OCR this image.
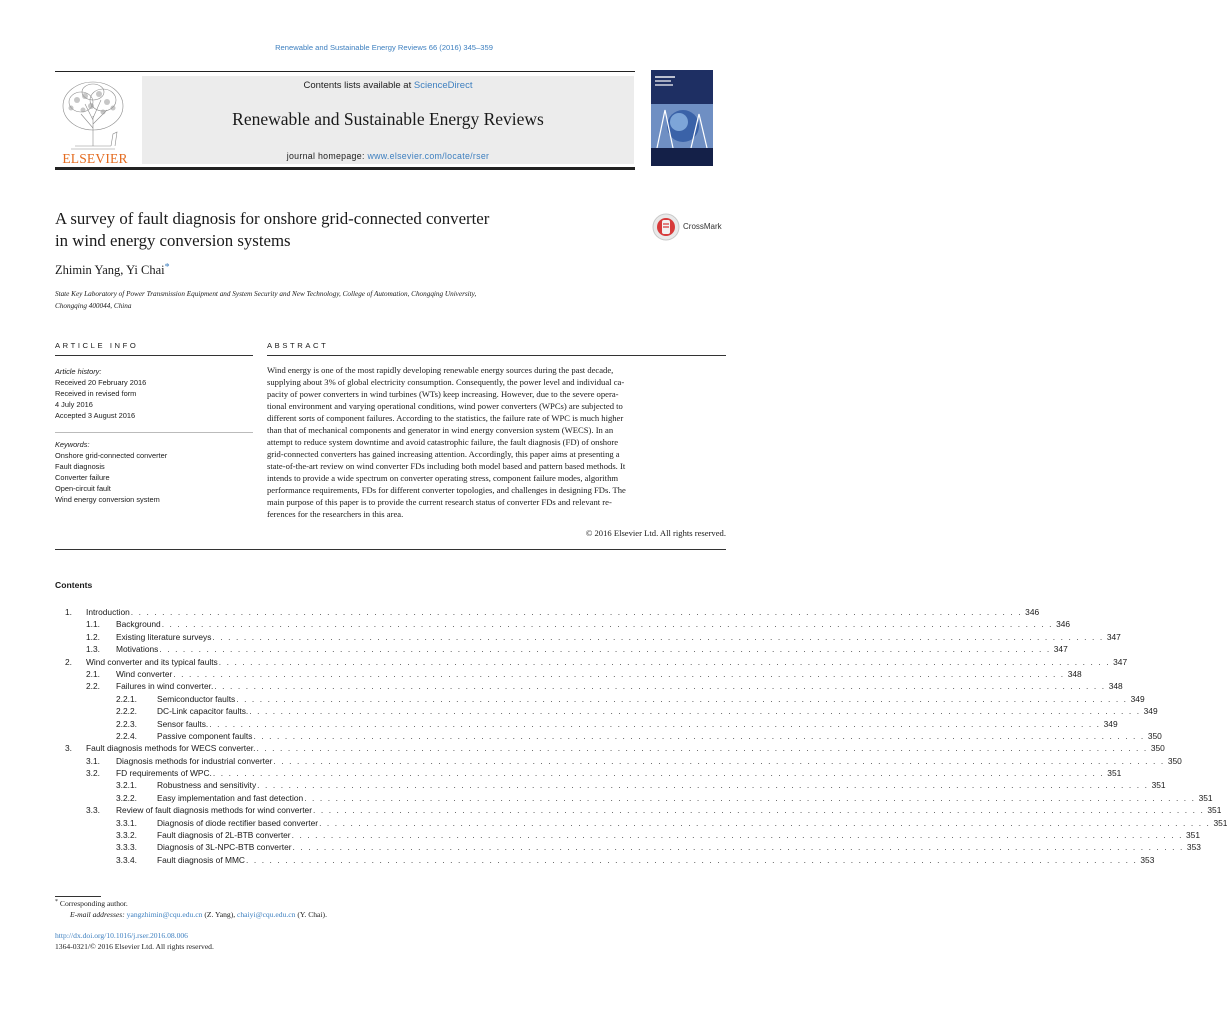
Renewable and Sustainable Energy Reviews 66 (2016) 345–359
ELSEVIER
Contents lists available at ScienceDirect
Renewable and Sustainable Energy Reviews
journal homepage: www.elsevier.com/locate/rser
A survey of fault diagnosis for onshore grid-connected converter
in wind energy conversion systems
CrossMark
Zhimin Yang, Yi Chai*
State Key Laboratory of Power Transmission Equipment and System Security and New Technology, College of Automation, Chongqing University,
Chongqing 400044, China
ARTICLE INFO	ABSTRACT
Article history:
Received 20 February 2016
Received in revised form
4 July 2016
Accepted 3 August 2016
Keywords:
Onshore grid-connected converter
Fault diagnosis
Converter failure
Open-circuit fault
Wind energy conversion system
Wind energy is one of the most rapidly developing renewable energy sources during the past decade,
supplying about 3% of global electricity consumption. Consequently, the power level and individual ca-
pacity of power converters in wind turbines (WTs) keep increasing. However, due to the severe opera-
tional environment and varying operational conditions, wind power converters (WPCs) are subjected to
different sorts of component failures. According to the statistics, the failure rate of WPC is much higher
than that of mechanical components and generator in wind energy conversion system (WECS). In an
attempt to reduce system downtime and avoid catastrophic failure, the fault diagnosis (FD) of onshore
grid-connected converters has gained increasing attention. Accordingly, this paper aims at presenting a
state-of-the-art review on wind converter FDs including both model based and pattern based methods. It
intends to provide a wide spectrum on converter operating stress, component failure modes, algorithm
performance requirements, FDs for different converter topologies, and challenges in designing FDs. The
main purpose of this paper is to provide the current research status of converter FDs and relevant re-
ferences for the researchers in this area.
© 2016 Elsevier Ltd. All rights reserved.
Contents
1. Introduction . . . . . . . . . . . . . . . . . . . . . . . . . . . . . . . . . . . . . . . . . . . . . . . . . . . . . . . . . . . . . . . . . . . . . . . . . . . . . . . . . . . . . . . . . . . . . . . . . . . . . . . . . . . . . . . . . . 346
1.1. Background . . . . . . . . . . . . . . . . . . . . . . . . . . . . . . . . . . . . . . . . . . . . . . . . . . . . . . . . . . . . . . . . . . . . . . . . . . . . . . . . . . . . . . . . . . . . . . . . . . . . . . . . . . . . . . . . . . 346
1.2. Existing literature surveys . . . . . . . . . . . . . . . . . . . . . . . . . . . . . . . . . . . . . . . . . . . . . . . . . . . . . . . . . . . . . . . . . . . . . . . . . . . . . . . . . . . . . . . . . . . . . . . . . . . . . . . . . . . . . . . . . . 347
1.3. Motivations . . . . . . . . . . . . . . . . . . . . . . . . . . . . . . . . . . . . . . . . . . . . . . . . . . . . . . . . . . . . . . . . . . . . . . . . . . . . . . . . . . . . . . . . . . . . . . . . . . . . . . . . . . . . . . . . . . 347
2. Wind converter and its typical faults . . . . . . . . . . . . . . . . . . . . . . . . . . . . . . . . . . . . . . . . . . . . . . . . . . . . . . . . . . . . . . . . . . . . . . . . . . . . . . . . . . . . . . . . . . . . . . . . . . . . . . . . . . . . . . . . . . 347
2.1. Wind converter . . . . . . . . . . . . . . . . . . . . . . . . . . . . . . . . . . . . . . . . . . . . . . . . . . . . . . . . . . . . . . . . . . . . . . . . . . . . . . . . . . . . . . . . . . . . . . . . . . . . . . . . . . . . . . . . . . 348
2.2. Failures in wind converter. . . . . . . . . . . . . . . . . . . . . . . . . . . . . . . . . . . . . . . . . . . . . . . . . . . . . . . . . . . . . . . . . . . . . . . . . . . . . . . . . . . . . . . . . . . . . . . . . . . . . . . . . . . . . . . . . . . 348
2.2.1. Semiconductor faults . . . . . . . . . . . . . . . . . . . . . . . . . . . . . . . . . . . . . . . . . . . . . . . . . . . . . . . . . . . . . . . . . . . . . . . . . . . . . . . . . . . . . . . . . . . . . . . . . . . . . . . . . . . . . . . . . . 349
2.2.2. DC-Link capacitor faults. . . . . . . . . . . . . . . . . . . . . . . . . . . . . . . . . . . . . . . . . . . . . . . . . . . . . . . . . . . . . . . . . . . . . . . . . . . . . . . . . . . . . . . . . . . . . . . . . . . . . . . . . . . . . . . . . . . 349
2.2.3. Sensor faults. . . . . . . . . . . . . . . . . . . . . . . . . . . . . . . . . . . . . . . . . . . . . . . . . . . . . . . . . . . . . . . . . . . . . . . . . . . . . . . . . . . . . . . . . . . . . . . . . . . . . . . . . . . . . . . . . . . 349
2.2.4. Passive component faults . . . . . . . . . . . . . . . . . . . . . . . . . . . . . . . . . . . . . . . . . . . . . . . . . . . . . . . . . . . . . . . . . . . . . . . . . . . . . . . . . . . . . . . . . . . . . . . . . . . . . . . . . . . . . . . . . . 350
3. Fault diagnosis methods for WECS converter. . . . . . . . . . . . . . . . . . . . . . . . . . . . . . . . . . . . . . . . . . . . . . . . . . . . . . . . . . . . . . . . . . . . . . . . . . . . . . . . . . . . . . . . . . . . . . . . . . . . . . . . . . . . . . . . . . . 350
3.1. Diagnosis methods for industrial converter . . . . . . . . . . . . . . . . . . . . . . . . . . . . . . . . . . . . . . . . . . . . . . . . . . . . . . . . . . . . . . . . . . . . . . . . . . . . . . . . . . . . . . . . . . . . . . . . . . . . . . . . . . . . . . . . . . 350
3.2. FD requirements of WPC. . . . . . . . . . . . . . . . . . . . . . . . . . . . . . . . . . . . . . . . . . . . . . . . . . . . . . . . . . . . . . . . . . . . . . . . . . . . . . . . . . . . . . . . . . . . . . . . . . . . . . . . . . . . . . . . . . . 351
3.2.1. Robustness and sensitivity . . . . . . . . . . . . . . . . . . . . . . . . . . . . . . . . . . . . . . . . . . . . . . . . . . . . . . . . . . . . . . . . . . . . . . . . . . . . . . . . . . . . . . . . . . . . . . . . . . . . . . . . . . . . . . . . . . 351
3.2.2. Easy implementation and fast detection . . . . . . . . . . . . . . . . . . . . . . . . . . . . . . . . . . . . . . . . . . . . . . . . . . . . . . . . . . . . . . . . . . . . . . . . . . . . . . . . . . . . . . . . . . . . . . . . . . . . . . . . . . . . . . . . . . 351
3.3. Review of fault diagnosis methods for wind converter . . . . . . . . . . . . . . . . . . . . . . . . . . . . . . . . . . . . . . . . . . . . . . . . . . . . . . . . . . . . . . . . . . . . . . . . . . . . . . . . . . . . . . . . . . . . . . . . . . . . . . . . . . . . . . . . . . 351
3.3.1. Diagnosis of diode rectifier based converter . . . . . . . . . . . . . . . . . . . . . . . . . . . . . . . . . . . . . . . . . . . . . . . . . . . . . . . . . . . . . . . . . . . . . . . . . . . . . . . . . . . . . . . . . . . . . . . . . . . . . . . . . . . . . . . . . . 351
3.3.2. Fault diagnosis of 2L-BTB converter . . . . . . . . . . . . . . . . . . . . . . . . . . . . . . . . . . . . . . . . . . . . . . . . . . . . . . . . . . . . . . . . . . . . . . . . . . . . . . . . . . . . . . . . . . . . . . . . . . . . . . . . . . . . . . . . . . 351
3.3.3. Diagnosis of 3L-NPC-BTB converter . . . . . . . . . . . . . . . . . . . . . . . . . . . . . . . . . . . . . . . . . . . . . . . . . . . . . . . . . . . . . . . . . . . . . . . . . . . . . . . . . . . . . . . . . . . . . . . . . . . . . . . . . . . . . . . . . . 353
3.3.4. Fault diagnosis of MMC . . . . . . . . . . . . . . . . . . . . . . . . . . . . . . . . . . . . . . . . . . . . . . . . . . . . . . . . . . . . . . . . . . . . . . . . . . . . . . . . . . . . . . . . . . . . . . . . . . . . . . . . . . . . . . . . . . 353
* Corresponding author.
E-mail addresses: yangzhimin@cqu.edu.cn (Z. Yang), chaiyi@cqu.edu.cn (Y. Chai).
http://dx.doi.org/10.1016/j.rser.2016.08.006
1364-0321/© 2016 Elsevier Ltd. All rights reserved.
